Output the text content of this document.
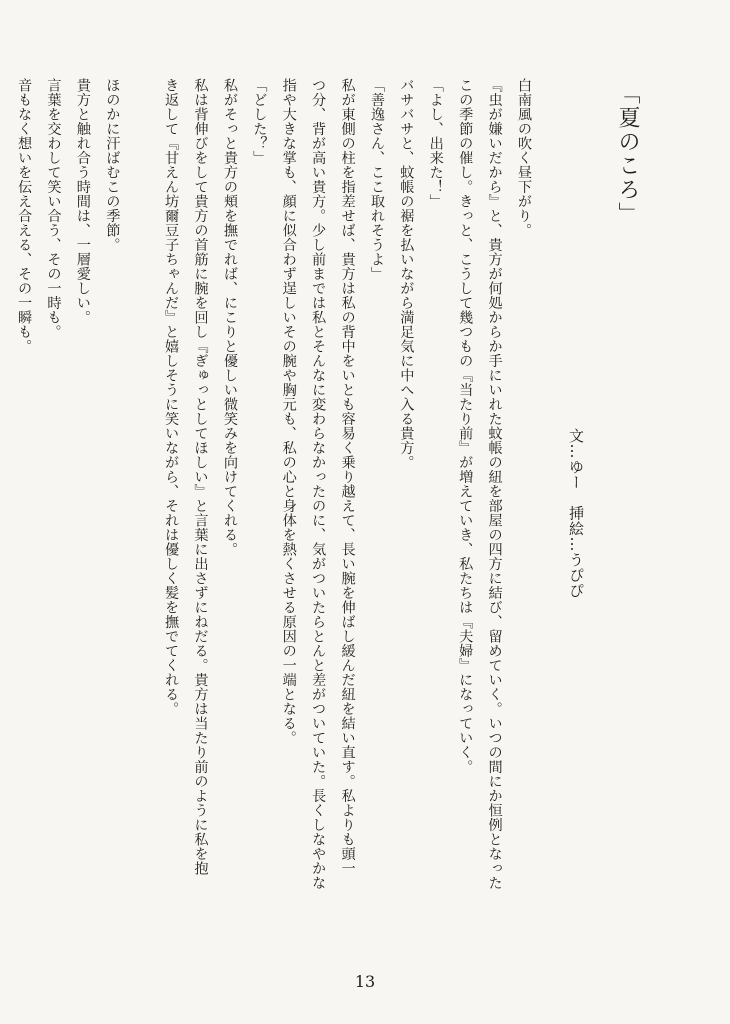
「夏のころ」
文…ゆー　挿絵…うぴぴ
白南風の吹く昼下がり。
『虫が嫌いだから』と、貴方が何処からか手にいれた蚊帳の紐を部屋の四方に結び、留めていく。いつの間にか恒例となった
この季節の催し。きっと、こうして幾つもの『当たり前』が増えていき、私たちは『夫婦』になっていく。
「よし、出来た！」
バサバサと、蚊帳の裾を払いながら満足気に中へ入る貴方。
「善逸さん、ここ取れそうよ」
私が東側の柱を指差せば、貴方は私の背中をいとも容易く乗り越えて、長い腕を伸ばし緩んだ紐を結い直す。私よりも頭一
つ分、背が高い貴方。少し前までは私とそんなに変わらなかったのに、気がついたらとんと差がついていた。長くしなやかな
指や大きな掌も、顔に似合わず逞しいその腕や胸元も、私の心と身体を熱くさせる原因の一端となる。
「どした？」
私がそっと貴方の頬を撫でれば、にこりと優しい微笑みを向けてくれる。
私は背伸びをして貴方の首筋に腕を回し『ぎゅっとしてほしい』と言葉に出さずにねだる。貴方は当たり前のように私を抱
き返して『甘えん坊爾豆子ちゃんだ』と嬉しそうに笑いながら、それは優しく髪を撫でてくれる。
ほのかに汗ばむこの季節。
貴方と触れ合う時間は、一層愛しい。
言葉を交わして笑い合う、その一時も。
音もなく想いを伝え合える、その一瞬も。
13
